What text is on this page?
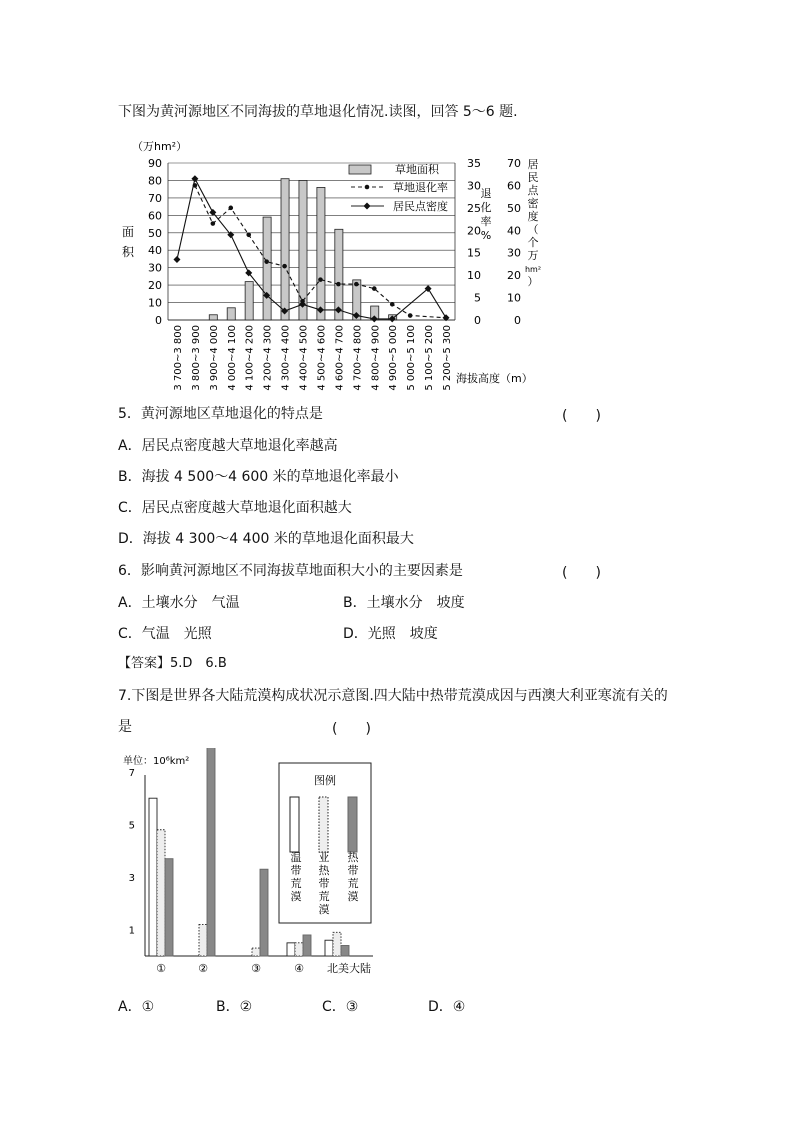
下图为黄河源地区不同海拔的草地退化情况.读图，回答 5～6 题.
（万hm²）
面
积
90
80
70
60
50
40
30
20
10
0
35
30
25
20
15
10
5
0
70
60
50
40
30
20
10
0
退
化
率
%
居
民
点
密
度
（
个
万
hm²
）
3 700~3 800 3 800~3 900 3 900~4 000 4 000~4 100 4 100~4 200 4 200~4 300 4 300~4 400 4 400~4 500 4 500~4 600 4 600~4 700 4 700~4 800 4 800~4 900 4 900~5 000 5 000~5 100 5 100~5 200 5 200~5 300 海拔高度（m）
草地面积
草地退化率
居民点密度
5．黄河源地区草地退化的特点是	(　　)
A．居民点密度越大草地退化率越高
B．海拔 4 500～4 600 米的草地退化率最小
C．居民点密度越大草地退化面积越大
D．海拔 4 300～4 400 米的草地退化面积最大
6．影响黄河源地区不同海拔草地面积大小的主要因素是	(　　)
A．土壤水分　气温	B．土壤水分　坡度
C．气温　光照	D．光照　坡度
【答案】5.D　6.B
7.下图是世界各大陆荒漠构成状况示意图.四大陆中热带荒漠成因与西澳大利亚寒流有关的
是	(　　)
单位：10⁶km²
7
5
3
1
①	②	③	④ 北美大陆
图例
温
带
荒
漠
亚
热
带
荒
漠
热
带
荒
漠
A．①	B．②	C．③	D．④
